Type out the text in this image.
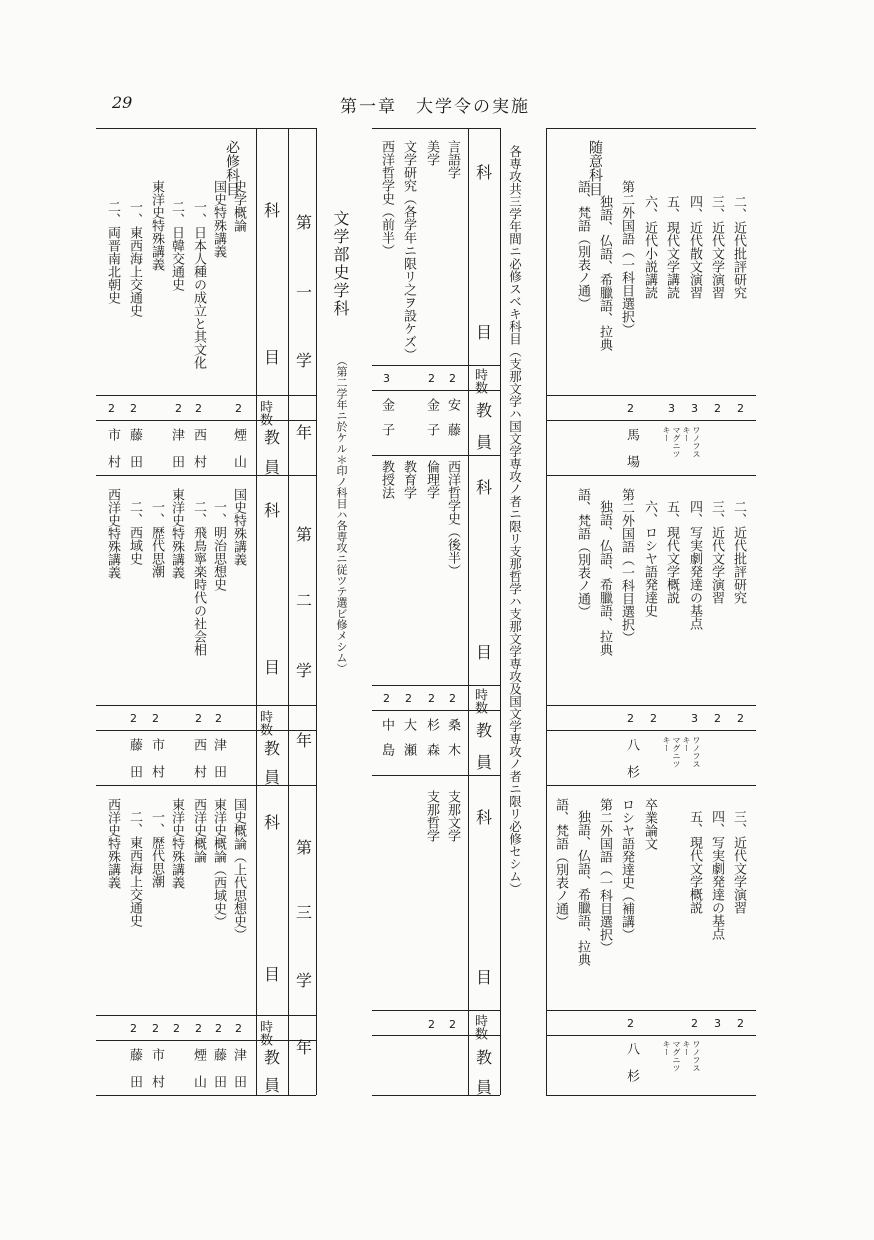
29	第一章　大学令の実施
必修科目
第
一
学
年
科
目
時数
教
員
史学概論
国史特殊講義
一、日本人種の成立と其文化
二、日韓交通史
東洋史特殊講義
一、東西海上交通史
二、両晋南北朝史
2
2
2
2
2
煙山
西村
津田
藤田
市村
第
二
学
年
科
目
時数
教
員
国史特殊講義
一、明治思想史
二、飛鳥寧楽時代の社会相
東洋史特殊講義
一、歴代思潮
二、西域史
西洋史特殊講義
2
2
2
2
津田
西村
市村
藤田
第
三
学
年
科
目
時数
教
員
国史概論（上代思想史）
東洋史概論（西域史）
西洋史概論
東洋史特殊講義
一、歴代思潮
二、東西海上交通史
西洋史特殊講義
2
2
2
2
2
2
津田
藤田
煙山
市村
藤田
文学部史学科
（第二学年ニ於ケル＊印ノ科目ハ各専攻ニ従ツテ選ビ修メシム）
科
目
時数
教
員
言語学
美学
文学研究（各学年ニ限リ之ヲ設ケズ）
西洋哲学史（前半）
2
2
3
安藤
金子
金子
科
目
時数
教
員
西洋哲学史（後半）
倫理学
教育学
教授法
2
2
2
2
桑木
杉森
大瀬
中島
科
目
時数
教
員
支那文学
支那哲学
2
2
各専攻共三学年間ニ必修スベキ科目（支那文学ハ国文学専攻ノ者ニ限リ支那哲学ハ支那文学専攻及国文学専攻ノ者ニ限リ必修セシム）	随意科目
二、近代批評研究
三、近代文学演習
四、近代散文演習
五、現代文学講読
六、近代小説講読
第二外国語（一科目選択）
独語、仏語、希臘語、拉典
語、梵語（別表ノ通）
2
2
3
3
2
ワノフス
キー
マグニツ
キー
馬場
二、近代批評研究
三、近代文学演習
四、写実劇発達の基点
五、現代文学概説
六、ロシヤ語発達史
第二外国語（一科目選択）
独語、仏語、希臘語、拉典
語、梵語（別表ノ通）
2
2
3
2
2
ワノフス
キー
マグニツ
キー
八杉
三、近代文学演習
四、写実劇発達の基点
五、現代文学概説
卒業論文
ロシヤ語発達史（補講）
第二外国語（一科目選択）
独語、仏語、希臘語、拉典
語、梵語（別表ノ通）
2
3
2
2
ワノフス
キー
マグニツ
キー
八杉
